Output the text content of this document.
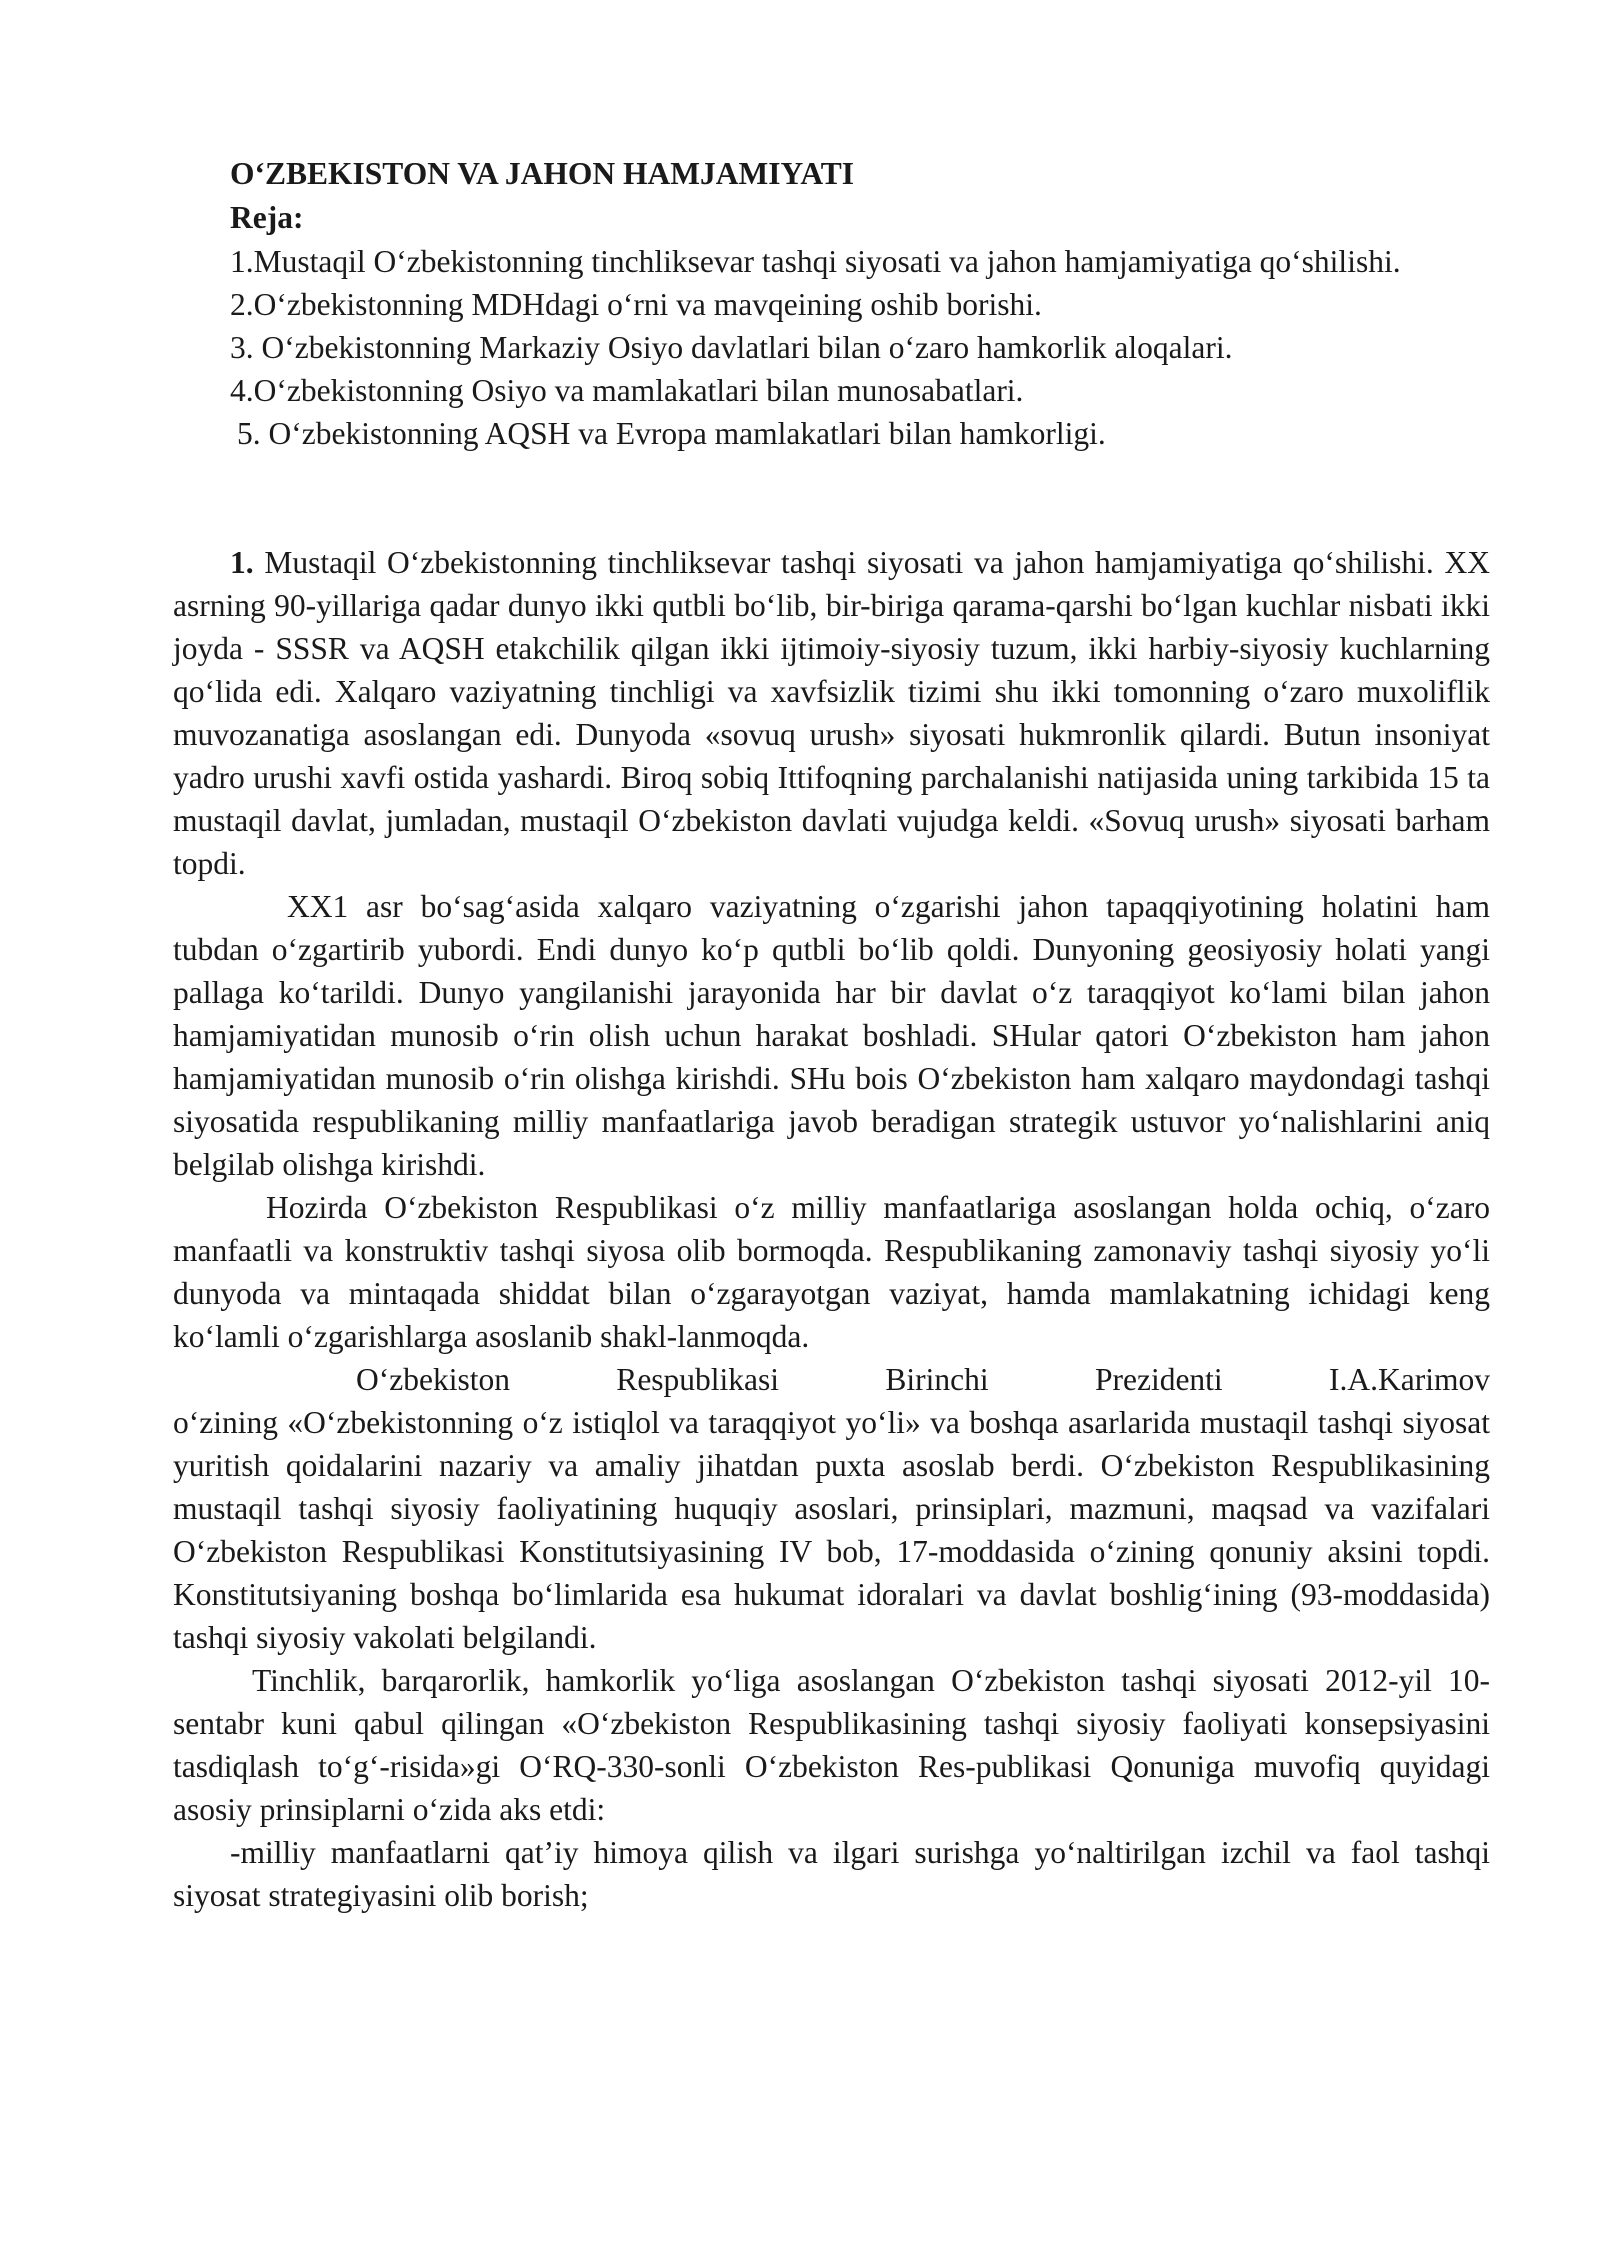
O‘ZBEKISTON VA JAHON HAMJAMIYATI
Reja:

1.Mustaqil O‘zbekistonning tinchliksevar tashqi siyosati va jahon hamjamiyatiga qo‘shilishi.

2.O‘zbekistonning MDHdagi o‘rni va mavqeining oshib borishi.

3. O‘zbekistonning Markaziy Osiyo davlatlari bilan o‘zaro hamkorlik aloqalari.

4.O‘zbekistonning Osiyo va mamlakatlari bilan munosabatlari.

5. O‘zbekistonning AQSH va Evropa mamlakatlari bilan hamkorligi.

1. Mustaqil O‘zbekistonning tinchliksevar tashqi siyosati va jahon hamjamiyatiga qo‘shilishi. XX asrning 90-yillariga qadar dunyo ikki qutbli bo‘lib, bir-biriga qarama-qarshi bo‘lgan kuchlar nisbati ikki joyda - SSSR va AQSH etakchilik qilgan ikki ijtimoiy-siyosiy tuzum, ikki harbiy-siyosiy kuchlarning qo‘lida edi. Xalqaro vaziyatning tinchligi va xavfsizlik tizimi shu ikki tomonning o‘zaro muxoliflik muvozanatiga asoslangan edi. Dunyoda «sovuq urush» siyosati hukmronlik qilardi. Butun insoniyat yadro urushi xavfi ostida yashardi. Biroq sobiq Ittifoqning parchalanishi natijasida uning tarkibida 15 ta mustaqil davlat, jumladan, mustaqil O‘zbekiston davlati vujudga keldi. «Sovuq urush» siyosati barham topdi.

XX1 asr bo‘sag‘asida xalqaro vaziyatning o‘zgarishi jahon tapaqqiyotining holatini ham tubdan o‘zgartirib yubordi. Endi dunyo ko‘p qutbli bo‘lib qoldi. Dunyoning geosiyosiy holati yangi pallaga ko‘tarildi. Dunyo yangilanishi jarayonida har bir davlat o‘z taraqqiyot ko‘lami bilan jahon hamjamiyatidan munosib o‘rin olish uchun harakat boshladi. SHular qatori O‘zbekiston ham jahon hamjamiyatidan munosib o‘rin olishga kirishdi. SHu bois O‘zbekiston ham xalqaro maydondagi tashqi siyosatida respublikaning milliy manfaatlariga javob beradigan strategik ustuvor yo‘nalishlarini aniq belgilab olishga kirishdi.

Hozirda O‘zbekiston Respublikasi o‘z milliy manfaatlariga asoslangan holda ochiq, o‘zaro manfaatli va konstruktiv tashqi siyosa olib bormoqda. Respublikaning zamonaviy tashqi siyosiy yo‘li dunyoda va mintaqada shiddat bilan o‘zgarayotgan vaziyat, hamda mamlakatning ichidagi keng ko‘lamli o‘zgarishlarga asoslanib shakl-lanmoqda.

O‘zbekiston Respublikasi Birinchi Prezidenti I.A.Karimov

o‘zining «O‘zbekistonning o‘z istiqlol va taraqqiyot yo‘li» va boshqa asarlarida mustaqil tashqi siyosat yuritish qoidalarini nazariy va amaliy jihatdan puxta asoslab berdi. O‘zbekiston Respublikasining mustaqil tashqi siyosiy faoliyatining huquqiy asoslari, prinsiplari, mazmuni, maqsad va vazifalari O‘zbekiston Respublikasi Konstitutsiyasining IV bob, 17-moddasida o‘zining qonuniy aksini topdi. Konstitutsiyaning boshqa bo‘limlarida esa hukumat idoralari va davlat boshlig‘ining (93-moddasida) tashqi siyosiy vakolati belgilandi.

Tinchlik, barqarorlik, hamkorlik yo‘liga asoslangan O‘zbekiston tashqi siyosati 2012-yil 10-sentabr kuni qabul qilingan «O‘zbekiston Respublikasining tashqi siyosiy faoliyati konsepsiyasini tasdiqlash to‘g‘-risida»gi O‘RQ-330-sonli O‘zbekiston Res-publikasi Qonuniga muvofiq quyidagi asosiy prinsiplarni o‘zida aks etdi:

-milliy manfaatlarni qat’iy himoya qilish va ilgari surishga yo‘naltirilgan izchil va faol tashqi siyosat strategiyasini olib borish;
